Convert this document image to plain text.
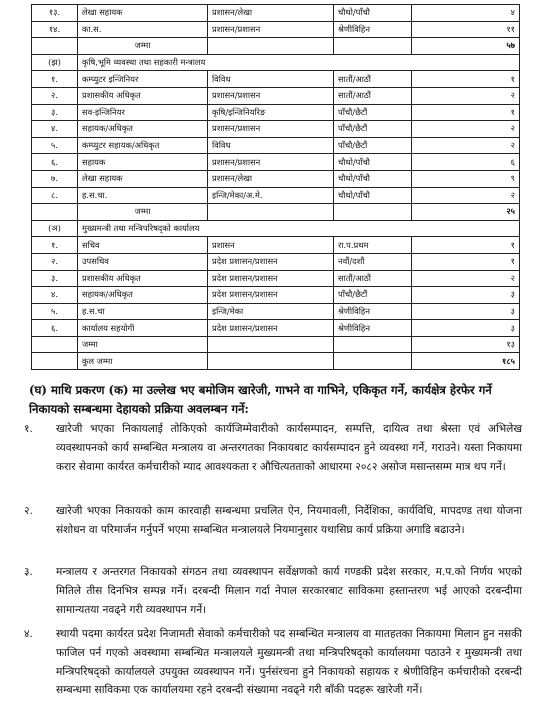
१३.	लेखा सहायक	प्रशासन/लेखा	चौथो/पाँचौ	४
१४.	का.स.	प्रशासन/प्रशासन	श्रेणीविहिन	११
	जम्मा			५७
(झ)	कृषि,भूमि व्यवस्था तथा सहकारी मन्त्रालय			
१.	कम्प्युटर इन्जिनियर	विविध	सातौं/आठौं	१
२.	प्रशासकीय अधिकृत	प्रशासन/प्रशासन	सातौं/आठौं	२
३.	सव-इन्जिनियर	कृषि/इन्जिनियरिङ	पाँचौ/छैटौं	१
४.	सहायक/अधिकृत	प्रशासन/प्रशासन	पाँचौ/छैटौं	२
५.	कम्प्युटर सहायक/अधिकृत	विविध	पाँचौ/छैटौं	२
६.	सहायक	प्रशासन/प्रशासन	चौथो/पाँचौ	६
७.	लेखा सहायक	प्रशासन/लेखा	चौथो/पाँचौ	९
८.	ह.स.चा.	इन्जि/मेका/अ.मे.	चौथो/पाँचौ	२
	जम्मा			२५
(ञ)	मुख्यमन्त्री तथा मन्त्रिपरिषद्को कार्यालय			
१.	सचिव	प्रशासन	रा.प.प्रथम	१
२.	उपसचिव	प्रदेश प्रशासन/प्रशासन	नवौं/दशौं	१
३.	प्रशासकीय अधिकृत	प्रदेश प्रशासन/प्रशासन	सातौं/आठौं	२
४.	सहायक/अधिकृत	प्रदेश प्रशासन/प्रशासन	पाँचौ/छैटौं	३
५.	ह.स.चा	इन्जि/मेका	श्रेणीविहिन	३
६.	कार्यालय सहयोगी	प्रदेश प्रशासन/प्रशासन	श्रेणीविहिन	३
	जम्मा			१३
	कुल जम्मा			१८५
(घ) माथि प्रकरण (क) मा उल्लेख भए बमोजिम खारेजी, गाभने वा गाभिने, एकिकृत गर्ने, कार्यक्षेत्र हेरफेर गर्ने निकायको सम्बन्धमा देहायको प्रक्रिया अवलम्बन गर्ने:
१. खारेजी भएका निकायलाई तोकिएको कार्यजिम्मेवारीको कार्यसम्पादन, सम्पत्ति, दायित्व तथा श्रेस्ता एवं अभिलेख व्यवस्थापनको कार्य सम्बन्धित मन्त्रालय वा अन्तरगतका निकायबाट कार्यसम्पादन हुने व्यवस्था गर्ने, गराउने। यस्ता निकायमा करार सेवामा कार्यरत कर्मचारीको म्याद आवश्यकता र औचित्यतताको आधारमा २०८२ असोज मसान्तसम्म मात्र थप गर्ने।
२. खारेजी भएका निकायको काम कारवाही सम्बन्धमा प्रचलित ऐन, नियमावली, निर्देशिका, कार्यविधि, मापदण्ड तथा योजना संशोधन वा परिमार्जन गर्नुपर्ने भएमा सम्बन्धित मन्त्रालयले नियमानुसार यथासिघ्र कार्य प्रक्रिया अगाडि बढाउने।
३. मन्त्रालय र अन्तरगत निकायको संगठन तथा व्यवस्थापन सर्वेक्षणको कार्य गण्डकी प्रदेश सरकार, म.प.को निर्णय भएको मितिले तीस दिनभित्र सम्पन्न गर्ने। दरबन्दी मिलान गर्दा नेपाल सरकारबाट साविकमा हस्तान्तरण भई आएको दरबन्दीमा सामान्यतया नवढ्ने गरी व्यवस्थापन गर्ने।
४. स्थायी पदमा कार्यरत प्रदेश निजामती सेवाको कर्मचारीको पद सम्बन्धित मन्त्रालय वा मातहतका निकायमा मिलान हुन नसकी फाजिल पर्न गएको अवस्थामा सम्बन्धित मन्त्रालयले मुख्यमन्त्री तथा मन्त्रिपरिषद्को कार्यालयमा पठाउने र मुख्यमन्त्री तथा मन्त्रिपरिषद्को कार्यालयले उपयुक्त व्यवस्थापन गर्ने। पुर्नसंरचना हुने निकायको सहायक र श्रेणीविहिन कर्मचारीको दरबन्दी सम्बन्धमा साविकमा एक कार्यालयमा रहने दरबन्दी संख्यामा नवढ्ने गरी बाँकी पदहरू खारेजी गर्ने।
